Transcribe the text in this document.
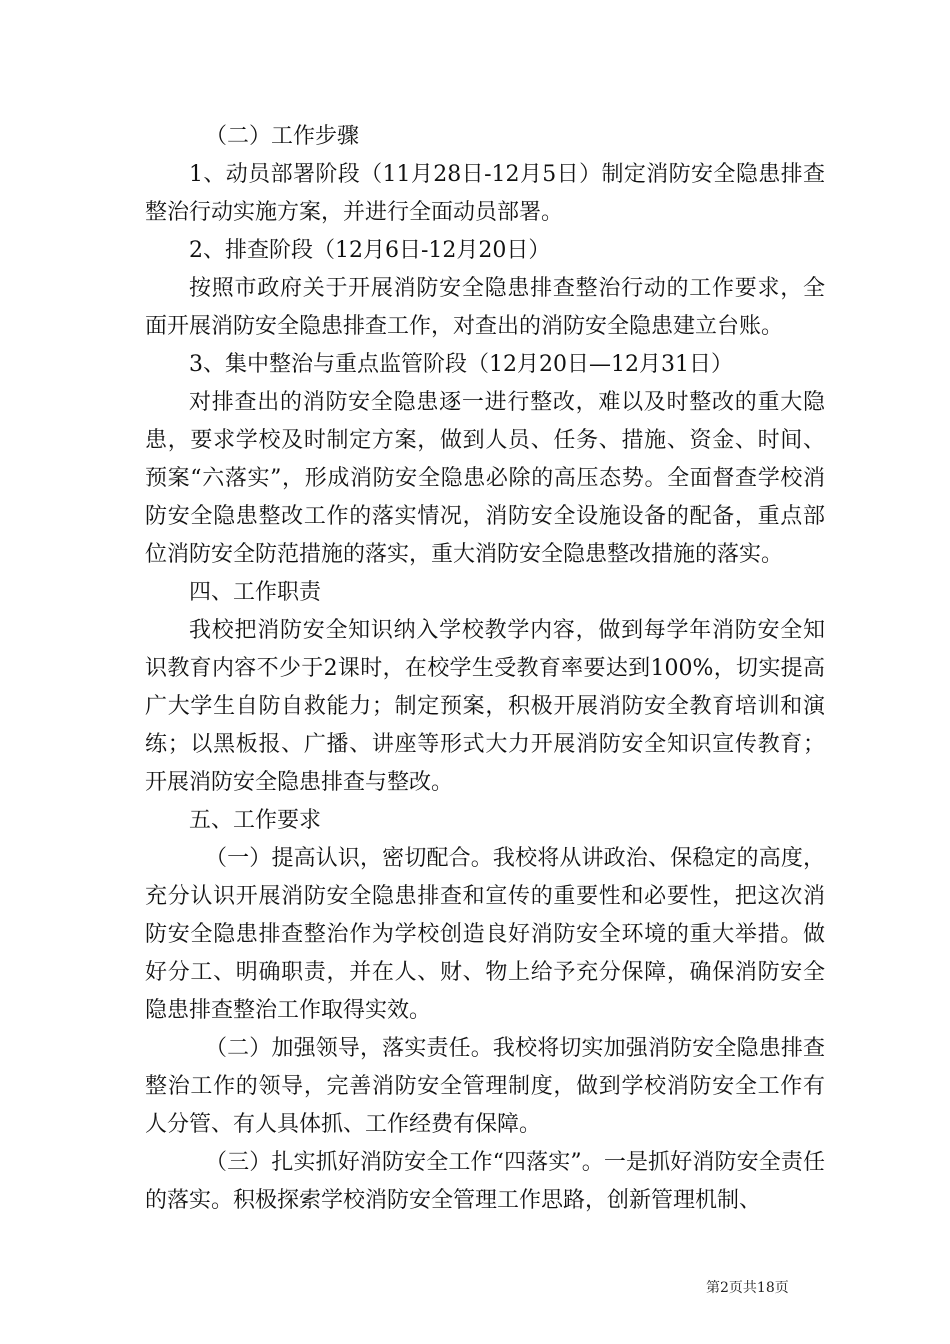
（二）工作步骤

1、动员部署阶段（11月28日-12月5日）制定消防安全隐患排查整治行动实施方案，并进行全面动员部署。

2、排查阶段（12月6日-12月20日）

按照市政府关于开展消防安全隐患排查整治行动的工作要求，全面开展消防安全隐患排查工作，对查出的消防安全隐患建立台账。

3、集中整治与重点监管阶段（12月20日—12月31日）

对排查出的消防安全隐患逐一进行整改，难以及时整改的重大隐患，要求学校及时制定方案，做到人员、任务、措施、资金、时间、预案“六落实”，形成消防安全隐患必除的高压态势。全面督查学校消防安全隐患整改工作的落实情况，消防安全设施设备的配备，重点部位消防安全防范措施的落实，重大消防安全隐患整改措施的落实。

四、工作职责

我校把消防安全知识纳入学校教学内容，做到每学年消防安全知识教育内容不少于2课时，在校学生受教育率要达到100%，切实提高广大学生自防自救能力；制定预案，积极开展消防安全教育培训和演练；以黑板报、广播、讲座等形式大力开展消防安全知识宣传教育；开展消防安全隐患排查与整改。

五、工作要求

（一）提高认识，密切配合。我校将从讲政治、保稳定的高度，充分认识开展消防安全隐患排查和宣传的重要性和必要性，把这次消防安全隐患排查整治作为学校创造良好消防安全环境的重大举措。做好分工、明确职责，并在人、财、物上给予充分保障，确保消防安全隐患排查整治工作取得实效。

（二）加强领导，落实责任。我校将切实加强消防安全隐患排查整治工作的领导，完善消防安全管理制度，做到学校消防安全工作有人分管、有人具体抓、工作经费有保障。

（三）扎实抓好消防安全工作“四落实”。一是抓好消防安全责任的落实。积极探索学校消防安全管理工作思路，创新管理机制、

第2页共18页
